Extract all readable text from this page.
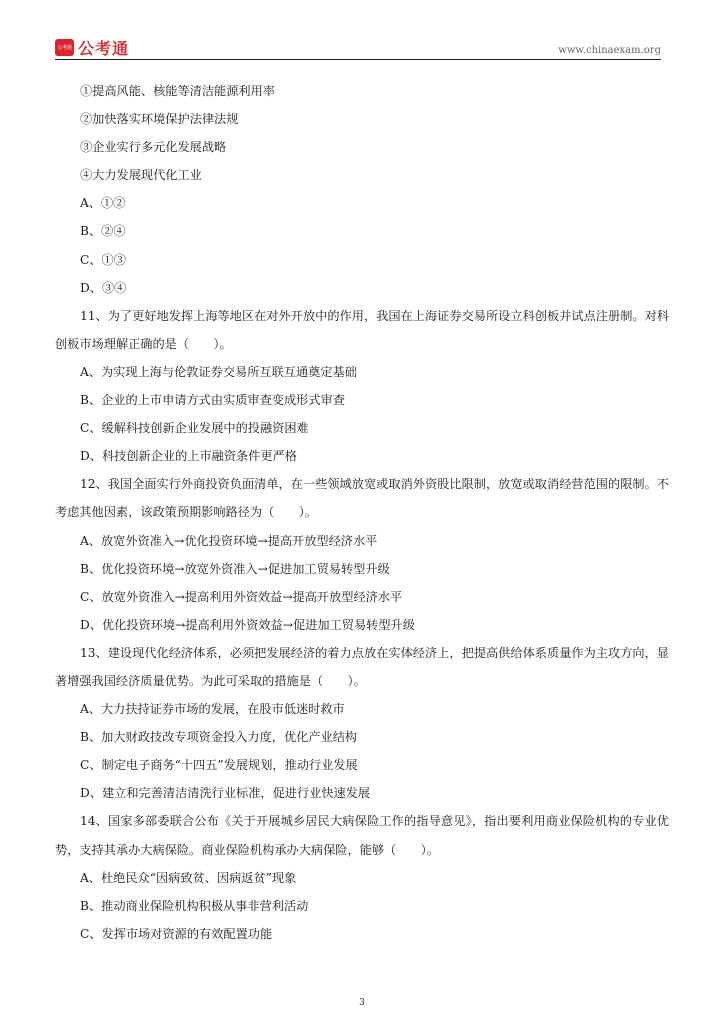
公考通 公考通	www.chinaexam.org

①提高风能、核能等清洁能源利用率

②加快落实环境保护法律法规

③企业实行多元化发展战略

④大力发展现代化工业

A、①②

B、②④

C、①③

D、③④

11、为了更好地发挥上海等地区在对外开放中的作用，我国在上海证券交易所设立科创板并试点注册制。对科创板市场理解正确的是（　　）。

A、为实现上海与伦敦证券交易所互联互通奠定基础

B、企业的上市申请方式由实质审查变成形式审查

C、缓解科技创新企业发展中的投融资困难

D、科技创新企业的上市融资条件更严格

12、我国全面实行外商投资负面清单，在一些领域放宽或取消外资股比限制，放宽或取消经营范围的限制。不考虑其他因素，该政策预期影响路径为（　　）。

A、放宽外资准入→优化投资环境→提高开放型经济水平

B、优化投资环境→放宽外资准入→促进加工贸易转型升级

C、放宽外资准入→提高利用外资效益→提高开放型经济水平

D、优化投资环境→提高利用外资效益→促进加工贸易转型升级

13、建设现代化经济体系，必须把发展经济的着力点放在实体经济上，把提高供给体系质量作为主攻方向，显著增强我国经济质量优势。为此可采取的措施是（　　）。

A、大力扶持证券市场的发展，在股市低迷时救市

B、加大财政技改专项资金投入力度，优化产业结构

C、制定电子商务“十四五”发展规划，推动行业发展

D、建立和完善清洁清洗行业标准，促进行业快速发展

14、国家多部委联合公布《关于开展城乡居民大病保险工作的指导意见》，指出要利用商业保险机构的专业优势，支持其承办大病保险。商业保险机构承办大病保险，能够（　　）。

A、杜绝民众“因病致贫、因病返贫”现象

B、推动商业保险机构积极从事非营利活动

C、发挥市场对资源的有效配置功能

3
